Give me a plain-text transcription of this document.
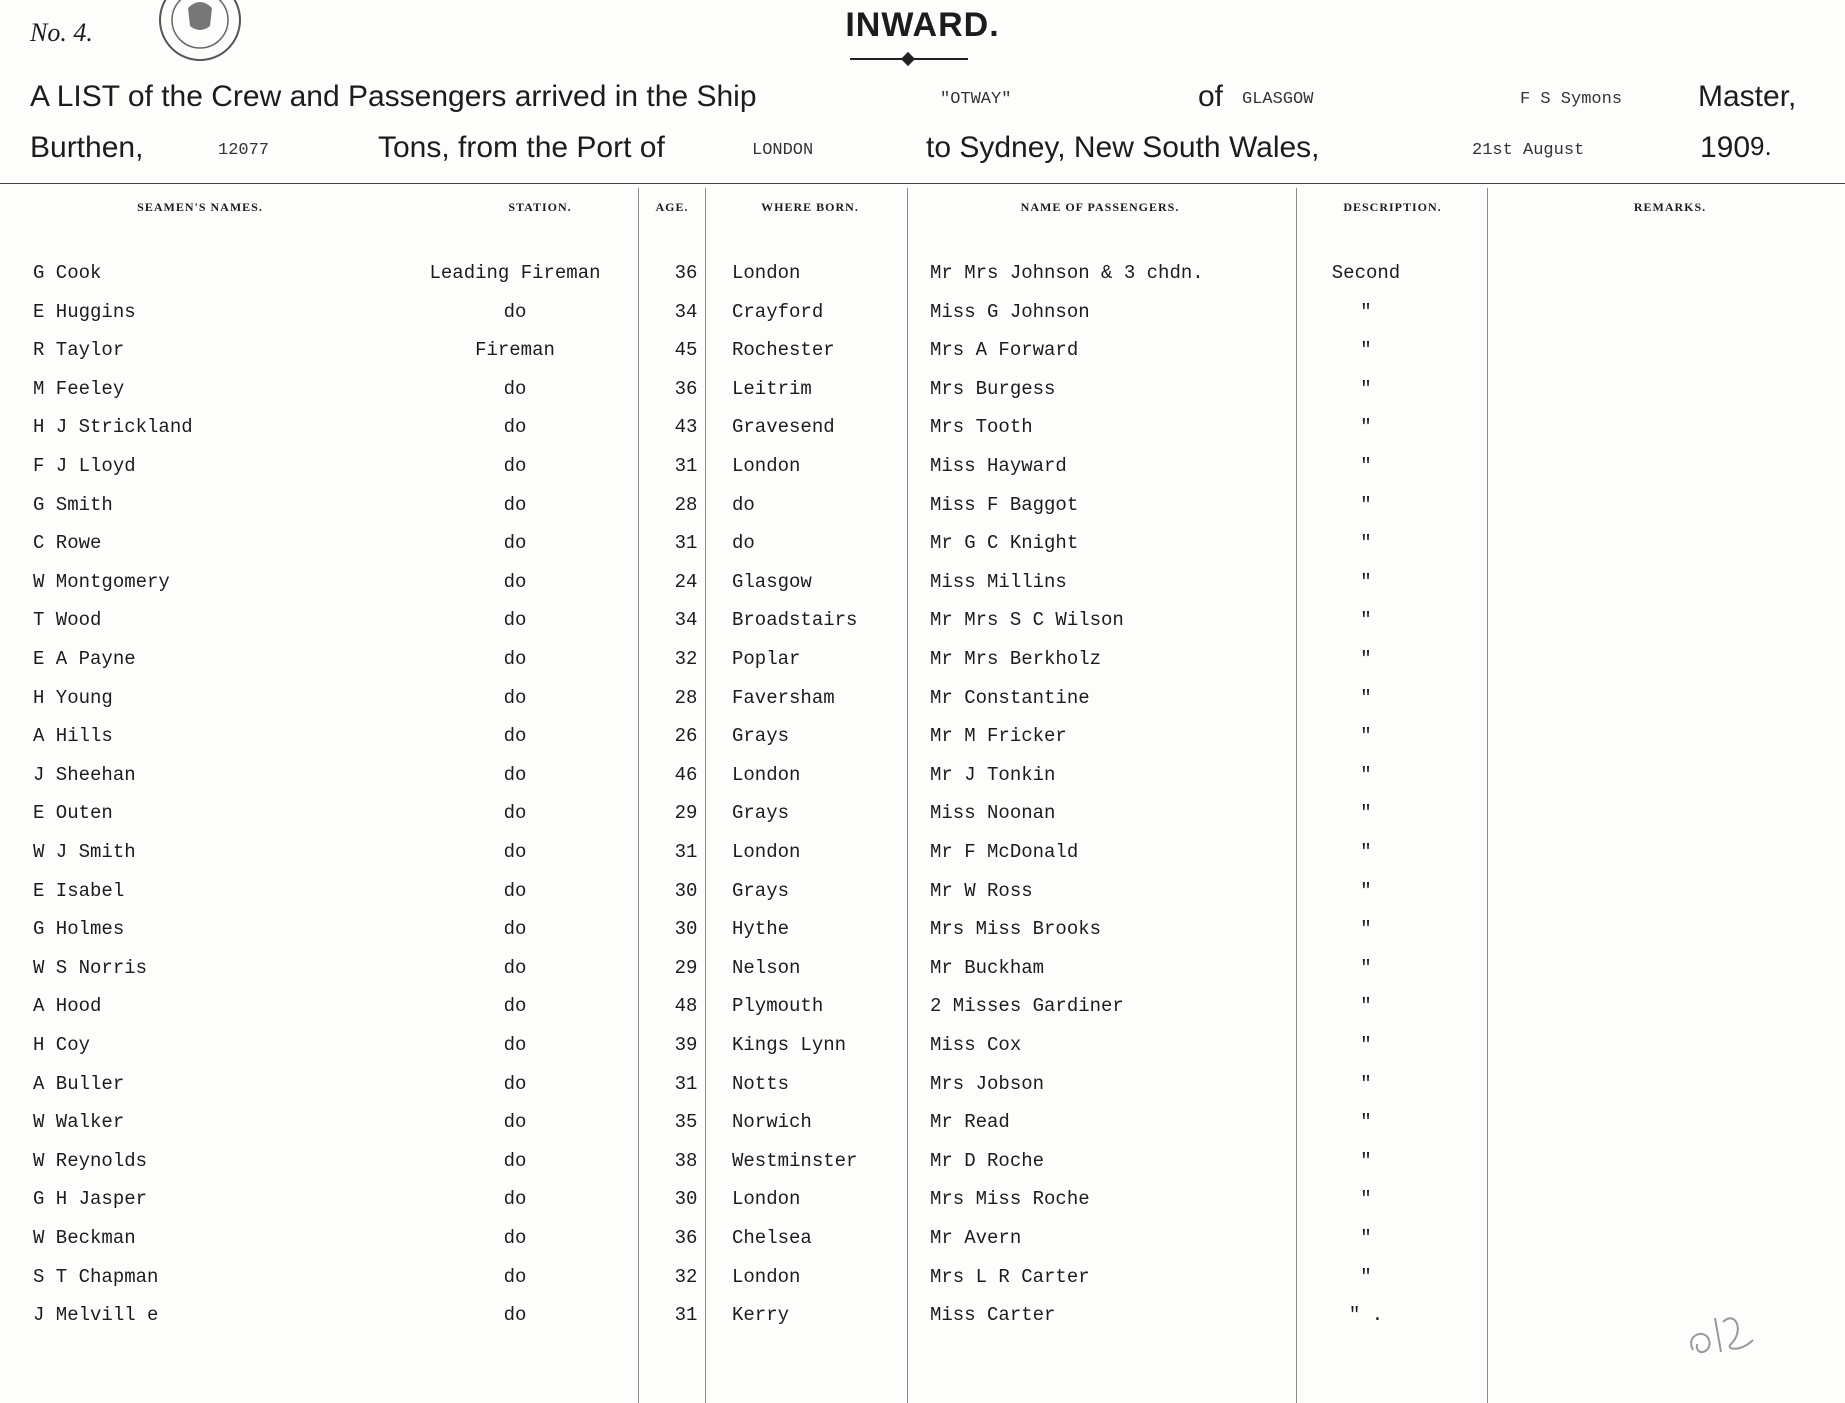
No. 4.	INWARD.
A LIST of the Crew and Passengers arrived in the Ship	"OTWAY"	of GLASGOW	F S Symons	Master,
Burthen,	12077	Tons, from the Port of	LONDON	to Sydney, New South Wales,	21st August	190 9.
SEAMEN'S NAMES.	STATION.	AGE.	WHERE BORN.	NAME OF PASSENGERS.	DESCRIPTION.	REMARKS.
G Cook	Leading Fireman	36	London	Mr Mrs Johnson & 3 chdn.	Second
E Huggins	do	34	Crayford	Miss G Johnson	"
R Taylor	Fireman	45	Rochester	Mrs A Forward	"
M Feeley	do	36	Leitrim	Mrs Burgess	"
H J Strickland	do	43	Gravesend	Mrs Tooth	"
F J Lloyd	do	31	London	Miss Hayward	"
G Smith	do	28	do	Miss F Baggot	"
C Rowe	do	31	do	Mr G C Knight	"
W Montgomery	do	24	Glasgow	Miss Millins	"
T Wood	do	34	Broadstairs	Mr Mrs S C Wilson	"
E A Payne	do	32	Poplar	Mr Mrs Berkholz	"
H Young	do	28	Faversham	Mr Constantine	"
A Hills	do	26	Grays	Mr M Fricker	"
J Sheehan	do	46	London	Mr J Tonkin	"
E Outen	do	29	Grays	Miss Noonan	"
W J Smith	do	31	London	Mr F McDonald	"
E Isabel	do	30	Grays	Mr W Ross	"
G Holmes	do	30	Hythe	Mrs Miss Brooks	"
W S Norris	do	29	Nelson	Mr Buckham	"
A Hood	do	48	Plymouth	2 Misses Gardiner	"
H Coy	do	39	Kings Lynn	Miss Cox	"
A Buller	do	31	Notts	Mrs Jobson	"
W Walker	do	35	Norwich	Mr Read	"
W Reynolds	do	38	Westminster	Mr D Roche	"
G H Jasper	do	30	London	Mrs Miss Roche	"
W Beckman	do	36	Chelsea	Mr Avern	"
S T Chapman	do	32	London	Mrs L R Carter	"
J Melvill e	do	31	Kerry	Miss Carter	" .
